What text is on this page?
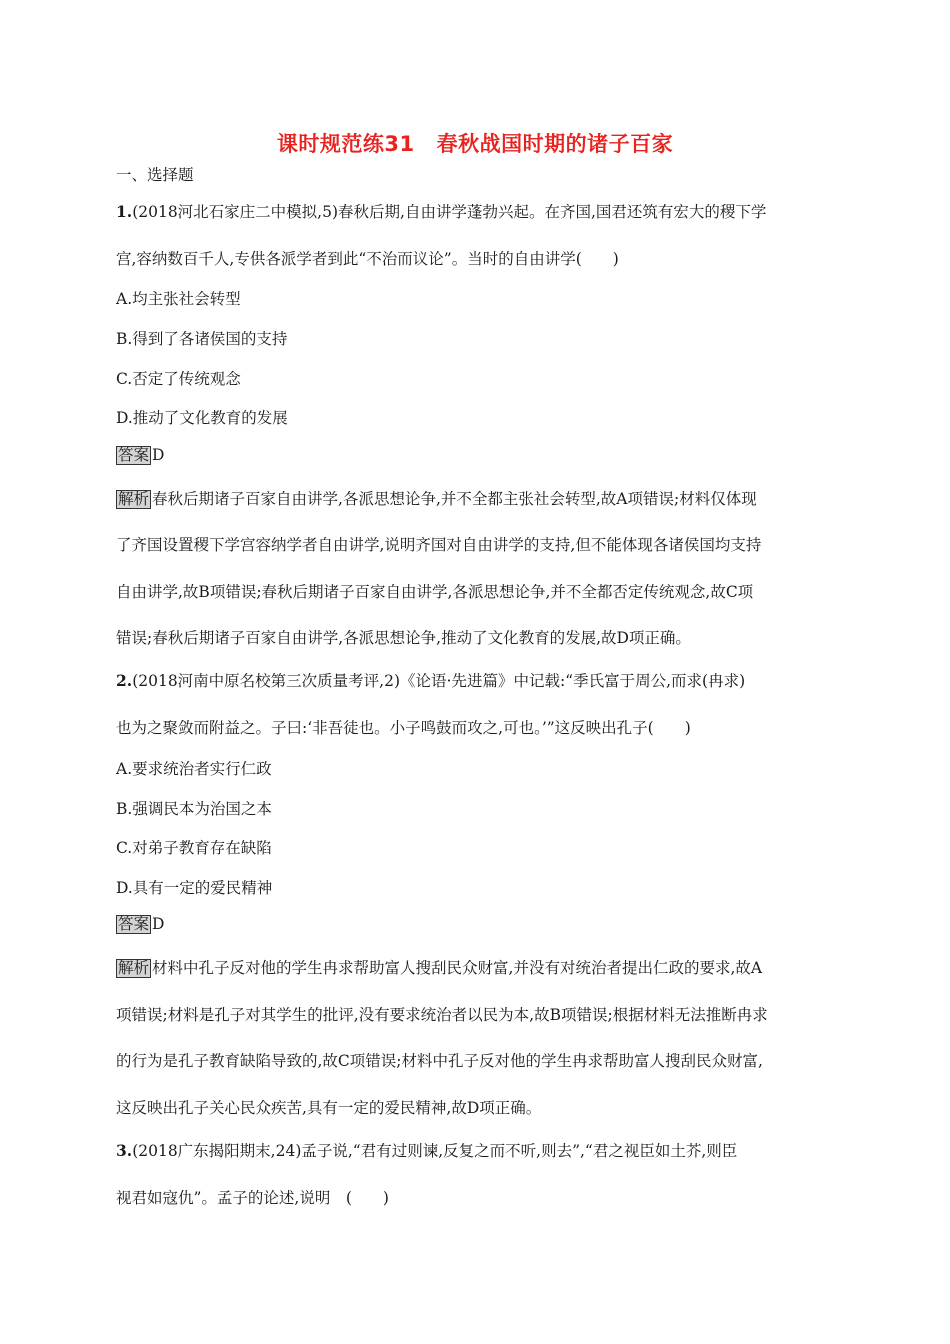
课时规范练31 春秋战国时期的诸子百家
一、选择题
1.(2018河北石家庄二中模拟,5)春秋后期,自由讲学蓬勃兴起。在齐国,国君还筑有宏大的稷下学
宫,容纳数百千人,专供各派学者到此“不治而议论”。当时的自由讲学(　　)
A.均主张社会转型
B.得到了各诸侯国的支持
C.否定了传统观念
D.推动了文化教育的发展
答案 D
解析 春秋后期诸子百家自由讲学,各派思想论争,并不全都主张社会转型,故A项错误;材料仅体现
了齐国设置稷下学宫容纳学者自由讲学,说明齐国对自由讲学的支持,但不能体现各诸侯国均支持
自由讲学,故B项错误;春秋后期诸子百家自由讲学,各派思想论争,并不全都否定传统观念,故C项
错误;春秋后期诸子百家自由讲学,各派思想论争,推动了文化教育的发展,故D项正确。
2.(2018河南中原名校第三次质量考评,2)《论语·先进篇》中记载:“季氏富于周公,而求(冉求)
也为之聚敛而附益之。子曰:‘非吾徒也。小子鸣鼓而攻之,可也。’”这反映出孔子(　　)
A.要求统治者实行仁政
B.强调民本为治国之本
C.对弟子教育存在缺陷
D.具有一定的爱民精神
答案 D
解析 材料中孔子反对他的学生冉求帮助富人搜刮民众财富,并没有对统治者提出仁政的要求,故A
项错误;材料是孔子对其学生的批评,没有要求统治者以民为本,故B项错误;根据材料无法推断冉求
的行为是孔子教育缺陷导致的,故C项错误;材料中孔子反对他的学生冉求帮助富人搜刮民众财富,
这反映出孔子关心民众疾苦,具有一定的爱民精神,故D项正确。
3.(2018广东揭阳期末,24)孟子说,“君有过则谏,反复之而不听,则去”,“君之视臣如土芥,则臣
视君如寇仇”。孟子的论述,说明　(　　)
